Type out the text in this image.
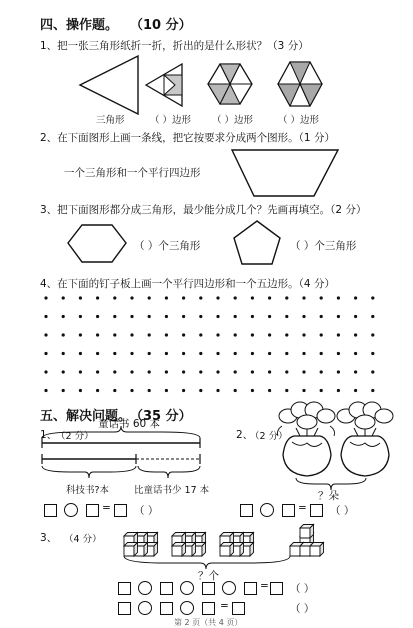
四、操作题。 （10 分）
1、把一张三角形纸折一折，折出的是什么形状？（3 分）
三角形	（ ）边形 （ ）边形	（ ）边形
2、在下面图形上画一条线，把它按要求分成两个图形。（1 分）
一个三角形和一个平行四边形
3、把下面图形都分成三角形，最少能分成几个？先画再填空。（2 分）
（ ）个三角形	（ ）个三角形
4、在下面的钉子板上画一个平行四边形和一个五边形。（4 分）
五、解决问题。
（35 分）
1、
（2 分）
童话书 60 本
科技书?本	比童话书少 17 本
= （ ）
2、
（2 分）
？朵
= （ ）
3、 （4 分）
？个
= （ ）
=	（ ）
第 2 页（共 4 页）
